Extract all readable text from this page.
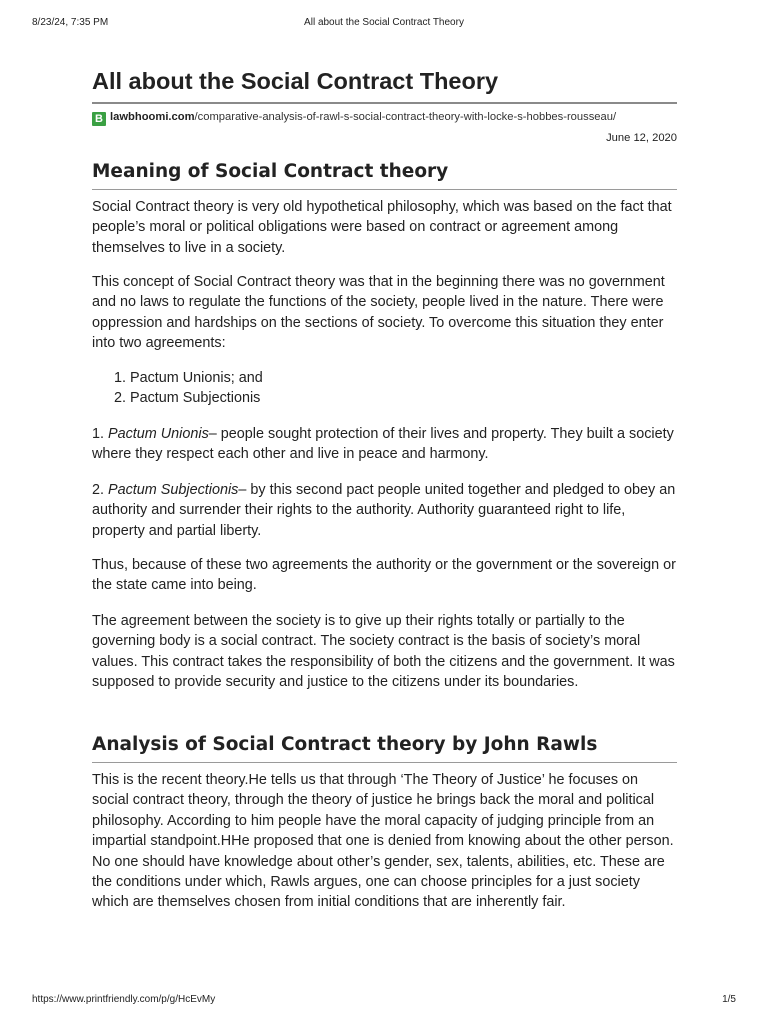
8/23/24, 7:35 PM	All about the Social Contract Theory
All about the Social Contract Theory
B lawbhoomi.com/comparative-analysis-of-rawl-s-social-contract-theory-with-locke-s-hobbes-rousseau/
June 12, 2020
Meaning of Social Contract theory

Social Contract theory is very old hypothetical philosophy, which was based on the fact that people’s moral or political obligations were based on contract or agreement among themselves to live in a society.

This concept of Social Contract theory was that in the beginning there was no government and no laws to regulate the functions of the society, people lived in the nature. There were oppression and hardships on the sections of society. To overcome this situation they enter into two agreements:

1. Pactum Unionis; and
2. Pactum Subjectionis

1. Pactum Unionis– people sought protection of their lives and property. They built a society where they respect each other and live in peace and harmony.

2. Pactum Subjectionis– by this second pact people united together and pledged to obey an authority and surrender their rights to the authority. Authority guaranteed right to life, property and partial liberty.

Thus, because of these two agreements the authority or the government or the sovereign or the state came into being.

The agreement between the society is to give up their rights totally or partially to the governing body is a social contract. The society contract is the basis of society’s moral values. This contract takes the responsibility of both the citizens and the government. It was supposed to provide security and justice to the citizens under its boundaries.

Analysis of Social Contract theory by John Rawls

This is the recent theory.He tells us that through ‘The Theory of Justice’ he focuses on social contract theory, through the theory of justice he brings back the moral and political philosophy. According to him people have the moral capacity of judging principle from an impartial standpoint.HHe proposed that one is denied from knowing about the other person. No one should have knowledge about other’s gender, sex, talents, abilities, etc. These are the conditions under which, Rawls argues, one can choose principles for a just society which are themselves chosen from initial conditions that are inherently fair.

https://www.printfriendly.com/p/g/HcEvMy	1/5
